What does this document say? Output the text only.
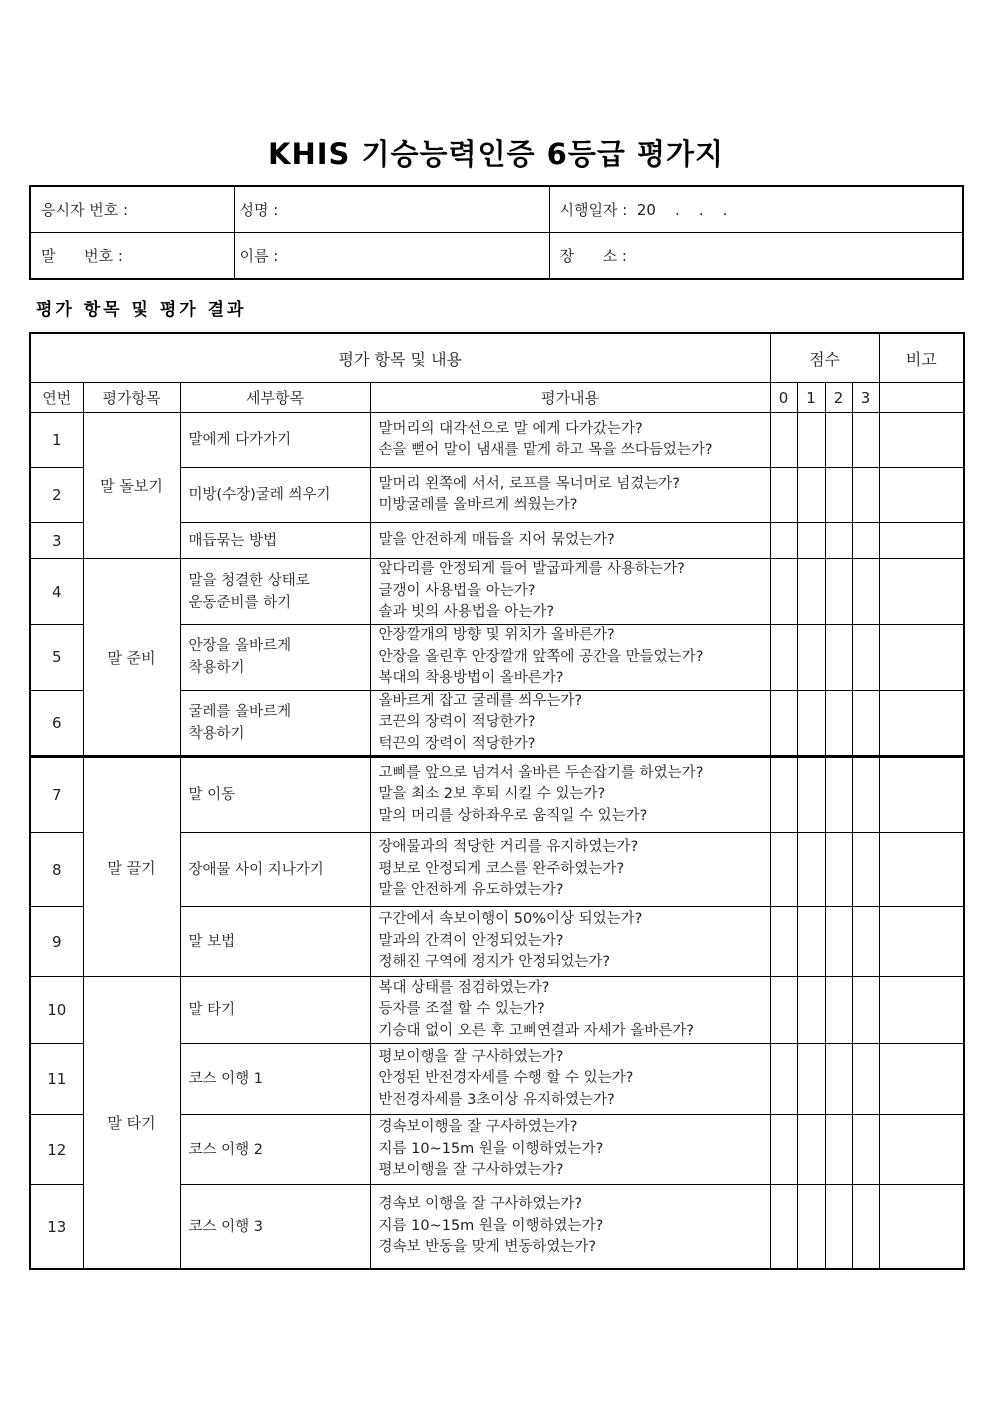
KHIS 기승능력인증 6등급 평가지
응시자 번호 :	성명 :	시행일자 :  20    .    .    .
말      번호 :	이름 :	장      소 :
평가 항목 및 평가 결과
평가 항목 및 내용				점수				비고
연번	평가항목	세부항목	평가내용	0	1	2	3	
1	말 돌보기	말에게 다가가기	말머리의 대각선으로 말 에게 다가갔는가?
손을 뻗어 말이 냄새를 맡게 하고 목을 쓰다듬었는가?					

2		미방(수장)굴레 씌우기	말머리 왼쪽에 서서, 로프를 목너머로 넘겼는가?
미방굴레를 올바르게 씌웠는가?					

3		매듭묶는 방법	말을 안전하게 매듭을 지어 묶었는가?					

4	말 준비	말을 청결한 상태로
운동준비를 하기	앞다리를 안정되게 들어 발굽파게를 사용하는가?
글갱이 사용법을 아는가?
솔과 빗의 사용법을 아는가?					

5		안장을 올바르게
착용하기	안장깔개의 방향 및 위치가 올바른가?
안장을 올린후 안장깔개 앞쪽에 공간을 만들었는가?
복대의 착용방법이 올바른가?					

6		굴레를 올바르게
착용하기	올바르게 잡고 굴레를 씌우는가?
코끈의 장력이 적당한가?
턱끈의 장력이 적당한가?					

7	말 끌기	말 이동	고삐를 앞으로 넘겨서 올바른 두손잡기를 하였는가?
말을 최소 2보 후퇴 시킬 수 있는가?
말의 머리를 상하좌우로 움직일 수 있는가?					

8		장애물 사이 지나가기	장애물과의 적당한 거리를 유지하였는가?
평보로 안정되게 코스를 완주하였는가?
말을 안전하게 유도하였는가?					

9		말 보법	구간에서 속보이행이 50%이상 되었는가?
말과의 간격이 안정되었는가?
정해진 구역에 정지가 안정되었는가?					

10	말 타기	말 타기	복대 상태를 점검하였는가?
등자를 조절 할 수 있는가?
기승대 없이 오른 후 고삐연결과 자세가 올바른가?					

11		코스 이행 1	평보이행을 잘 구사하였는가?
안정된 반전경자세를 수행 할 수 있는가?
반전경자세를 3초이상 유지하였는가?					

12		코스 이행 2	경속보이행을 잘 구사하였는가?
지름 10~15m 원을 이행하였는가?
평보이행을 잘 구사하였는가?					

13		코스 이행 3	경속보 이행을 잘 구사하였는가?
지름 10~15m 원을 이행하였는가?
경속보 반동을 맞게 변동하였는가?					
